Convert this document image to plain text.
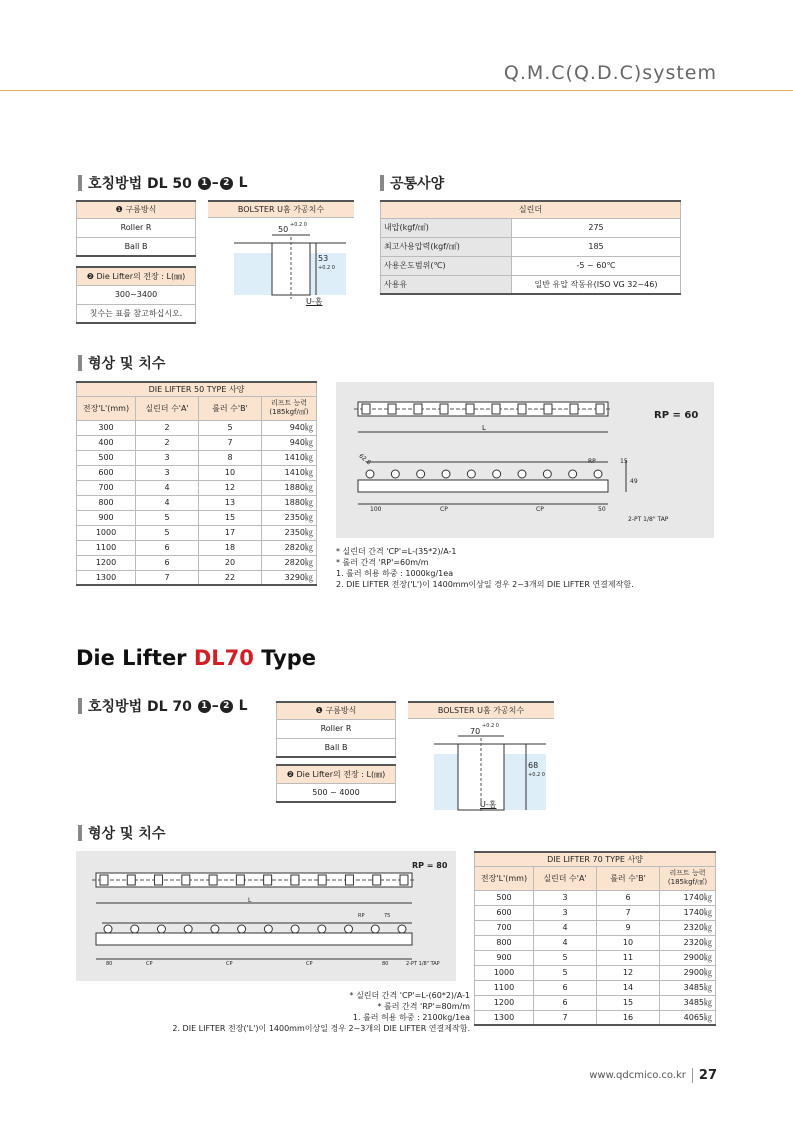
Q.M.C(Q.D.C)system
호칭방법 DL 50
	1 – 2
L
❶ 구름방식
Roller R
Ball B
❷ Die Lifter의 전장 : L(㎜)
300~3400
칫수는 표를 참고하십시오.
BOLSTER U홈 가공치수
50 +0.2 0
53
+0.2 0
U-홈
공통사양
실린더	
내압(kgf/㎠)	275
최고사용압력(kgf/㎠)	185
사용온도범위(℃)	-5 ~ 60℃
사용유	일반 유압 작동유(ISO VG 32~46)
형상 및 치수
DIE LIFTER 50 TYPE 사양			
전장'L'(mm)	실린더 수'A'	롤러 수'B'	리프트 능력 (185kgf/㎠)
300	2	5	940㎏
400	2	7	940㎏
500	3	8	1410㎏
600	3	10	1410㎏
700	4	12	1880㎏
800	4	13	1880㎏
900	5	15	2350㎏
1000	5	17	2350㎏
1100	6	18	2820㎏
1200	6	20	2820㎏
1300	7	22	3290㎏
RP = 60
L
RP	15
49
100	CP	CP	50
2-PT 1/8" TAP
62.6
* 실린더 간격 'CP'=L-(35*2)/A-1
* 롤러 간격 'RP'=60m/m
1. 롤러 허용 하중 : 1000kg/1ea
2. DIE LIFTER 전장('L')이 1400mm이상일 경우 2~3개의 DIE LIFTER 연결제작함.
Die Lifter DL70 Type
호칭방법 DL 70
	1 – 2
L	❶ 구름방식
Roller R
Ball B
❷ Die Lifter의 전장 : L(㎜)
500 ~ 4000
BOLSTER U홈 가공치수
70
+0.2 0
68
+0.2 0
U-홈
형상 및 치수
RP = 80
L
RP	75
80	CP	CP	CP	80	2-PT 1/8" TAP
* 실린더 간격 'CP'=L-(60*2)/A-1
* 롤러 간격 'RP'=80m/m
1. 롤러 허용 하중 : 2100kg/1ea
2. DIE LIFTER 전장('L')이 1400mm이상일 경우 2~3개의 DIE LIFTER 연결제작함.
DIE LIFTER 70 TYPE 사양			
전장'L'(mm)	실린더 수'A'	롤러 수'B'	리프트 능력 (185kgf/㎠)
500	3	6	1740㎏
600	3	7	1740㎏
700	4	9	2320㎏
800	4	10	2320㎏
900	5	11	2900㎏
1000	5	12	2900㎏
1100	6	14	3485㎏
1200	6	15	3485㎏
1300	7	16	4065㎏
www.qdcmico.co.kr	27
